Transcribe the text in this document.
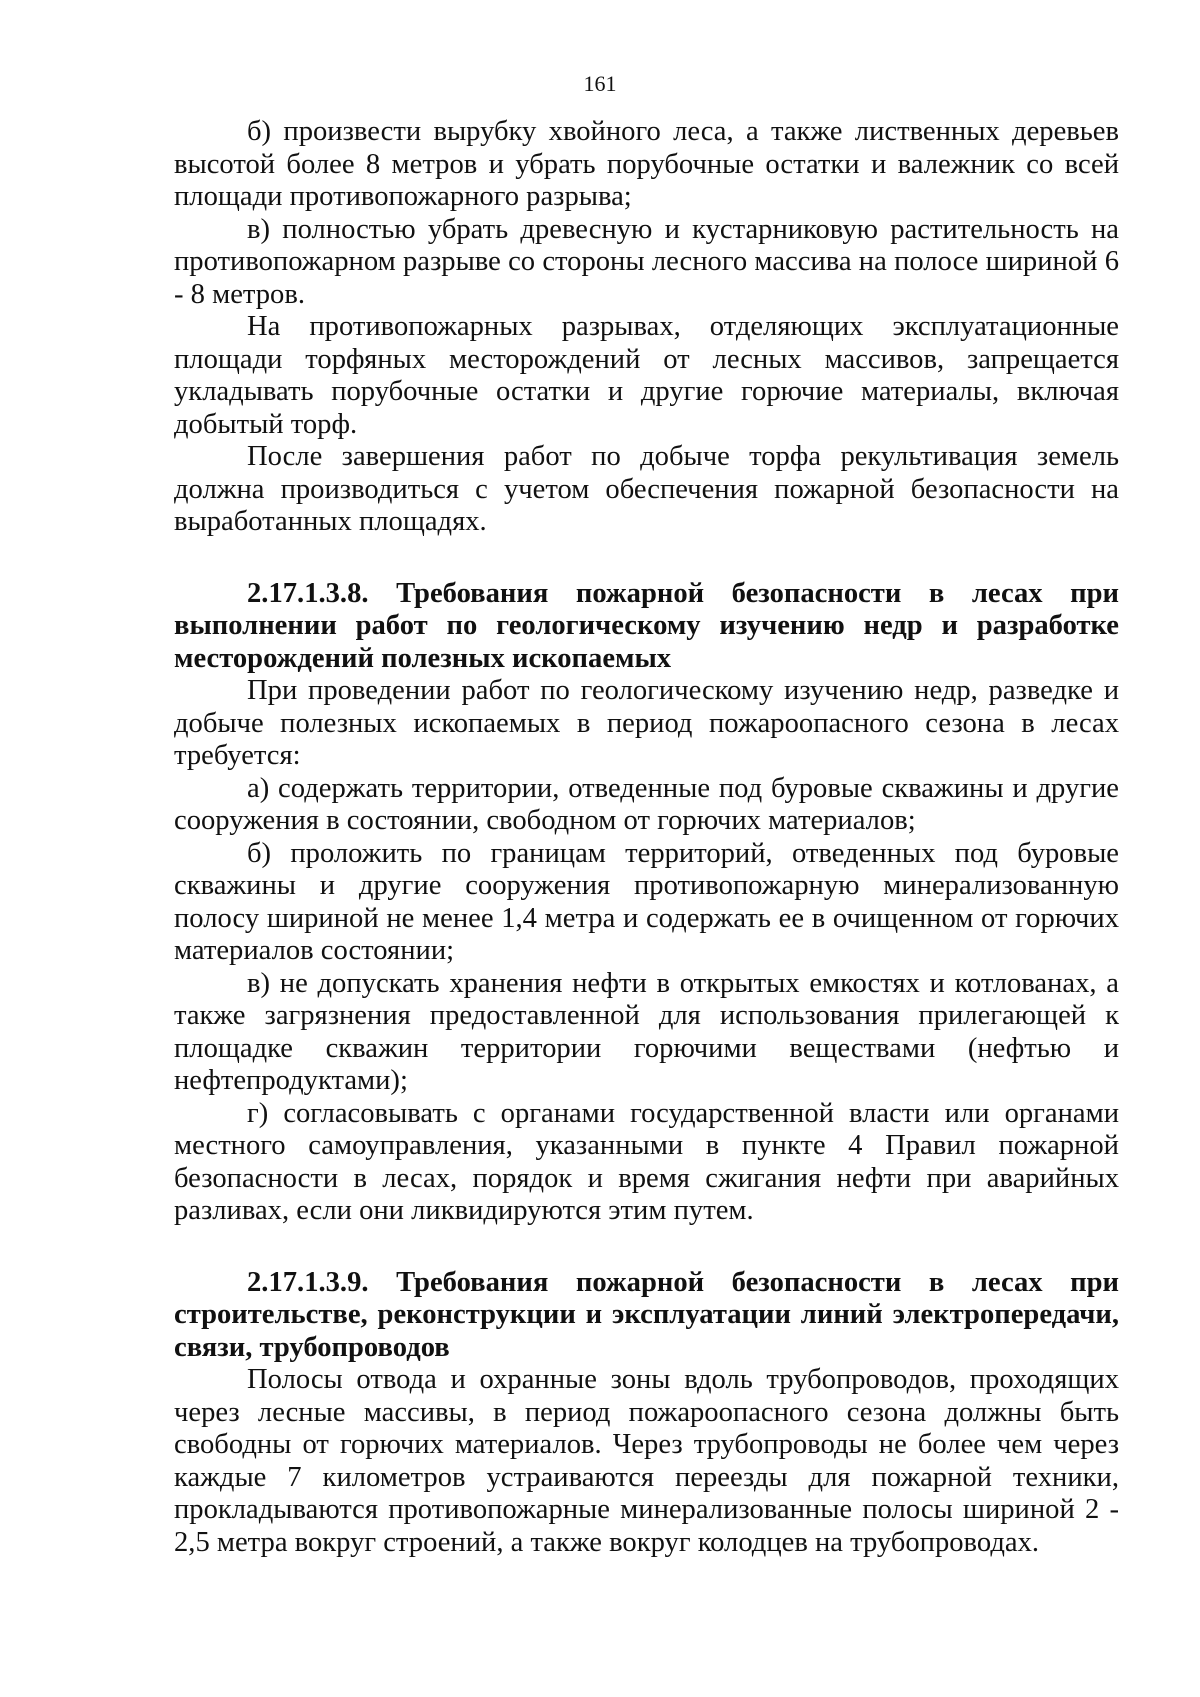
161

б) произвести вырубку хвойного леса, а также лиственных деревьев высотой более 8 метров и убрать порубочные остатки и валежник со всей площади противопожарного разрыва;

в) полностью убрать древесную и кустарниковую растительность на противопожарном разрыве со стороны лесного массива на полосе шириной 6 - 8 метров.

На противопожарных разрывах, отделяющих эксплуатационные площади торфяных месторождений от лесных массивов, запрещается укладывать порубочные остатки и другие горючие материалы, включая добытый торф.

После завершения работ по добыче торфа рекультивация земель должна производиться с учетом обеспечения пожарной безопасности на выработанных площадях.

2.17.1.3.8. Требования пожарной безопасности в лесах при выполнении работ по геологическому изучению недр и разработке месторождений полезных ископаемых

При проведении работ по геологическому изучению недр, разведке и добыче полезных ископаемых в период пожароопасного сезона в лесах требуется:

а) содержать территории, отведенные под буровые скважины и другие сооружения в состоянии, свободном от горючих материалов;

б) проложить по границам территорий, отведенных под буровые скважины и другие сооружения противопожарную минерализованную полосу шириной не менее 1,4 метра и содержать ее в очищенном от горючих материалов состоянии;

в) не допускать хранения нефти в открытых емкостях и котлованах, а также загрязнения предоставленной для использования прилегающей к площадке скважин территории горючими веществами (нефтью и нефтепродуктами);

г) согласовывать с органами государственной власти или органами местного самоуправления, указанными в пункте 4 Правил пожарной безопасности в лесах, порядок и время сжигания нефти при аварийных разливах, если они ликвидируются этим путем.

2.17.1.3.9. Требования пожарной безопасности в лесах при строительстве, реконструкции и эксплуатации линий электропередачи, связи, трубопроводов

Полосы отвода и охранные зоны вдоль трубопроводов, проходящих через лесные массивы, в период пожароопасного сезона должны быть свободны от горючих материалов. Через трубопроводы не более чем через каждые 7 километров устраиваются переезды для пожарной техники, прокладываются противопожарные минерализованные полосы шириной 2 - 2,5 метра вокруг строений, а также вокруг колодцев на трубопроводах.
